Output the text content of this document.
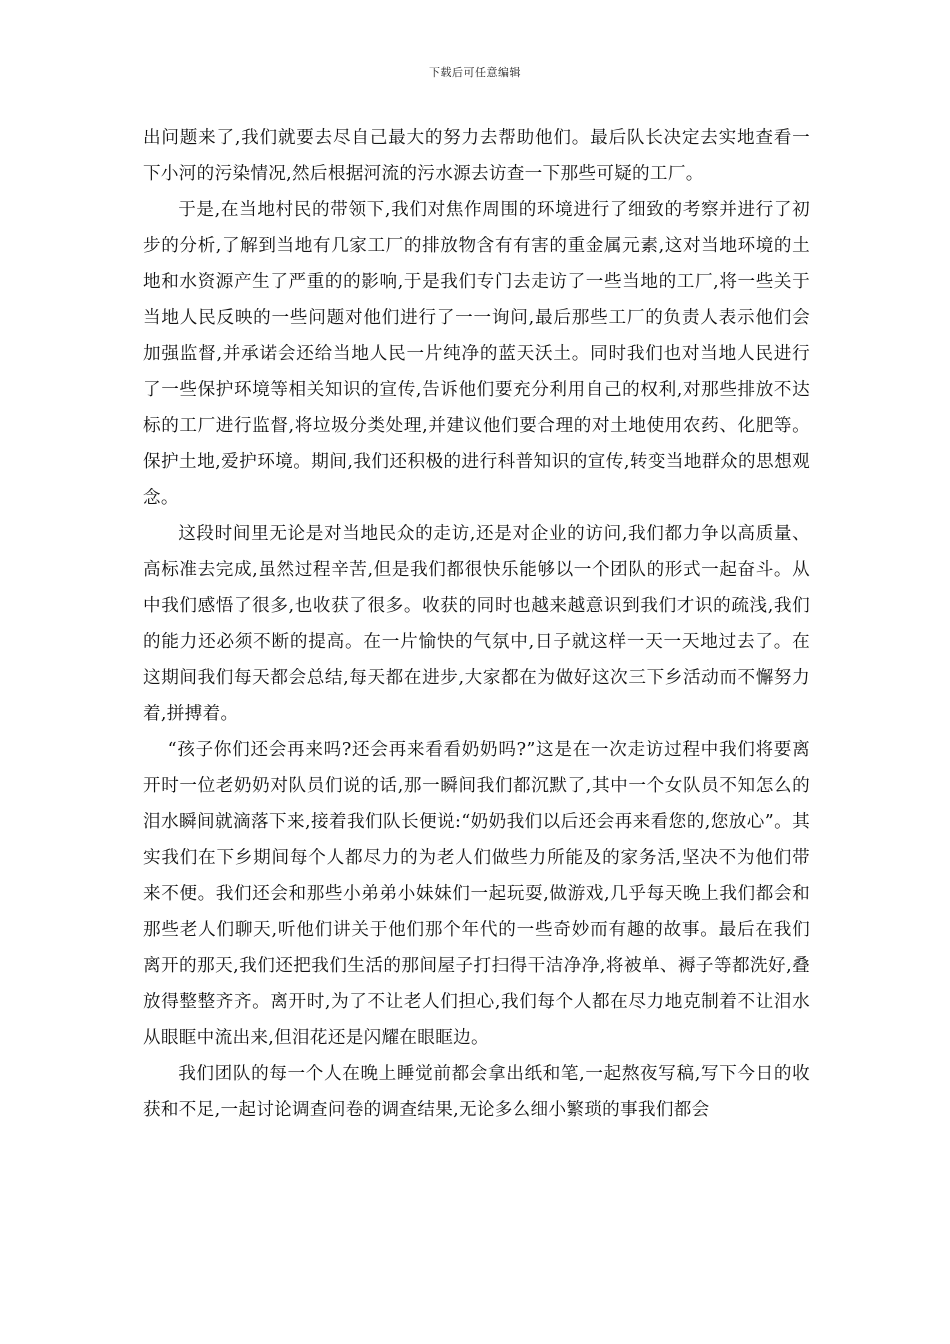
下载后可任意编辑

出问题来了,我们就要去尽自己最大的努力去帮助他们。最后队长决定去实地查看一下小河的污染情况,然后根据河流的污水源去访查一下那些可疑的工厂。

于是,在当地村民的带领下,我们对焦作周围的环境进行了细致的考察并进行了初步的分析,了解到当地有几家工厂的排放物含有有害的重金属元素,这对当地环境的土地和水资源产生了严重的的影响,于是我们专门去走访了一些当地的工厂,将一些关于当地人民反映的一些问题对他们进行了一一询问,最后那些工厂的负责人表示他们会加强监督,并承诺会还给当地人民一片纯净的蓝天沃土。同时我们也对当地人民进行了一些保护环境等相关知识的宣传,告诉他们要充分利用自己的权利,对那些排放不达标的工厂进行监督,将垃圾分类处理,并建议他们要合理的对土地使用农药、化肥等。保护土地,爱护环境。期间,我们还积极的进行科普知识的宣传,转变当地群众的思想观念。

这段时间里无论是对当地民众的走访,还是对企业的访问,我们都力争以高质量、高标准去完成,虽然过程辛苦,但是我们都很快乐能够以一个团队的形式一起奋斗。从中我们感悟了很多,也收获了很多。收获的同时也越来越意识到我们才识的疏浅,我们的能力还必须不断的提高。在一片愉快的气氛中,日子就这样一天一天地过去了。在这期间我们每天都会总结,每天都在进步,大家都在为做好这次三下乡活动而不懈努力着,拼搏着。

“孩子你们还会再来吗?还会再来看看奶奶吗?”这是在一次走访过程中我们将要离开时一位老奶奶对队员们说的话,那一瞬间我们都沉默了,其中一个女队员不知怎么的泪水瞬间就滴落下来,接着我们队长便说:“奶奶我们以后还会再来看您的,您放心”。其实我们在下乡期间每个人都尽力的为老人们做些力所能及的家务活,坚决不为他们带来不便。我们还会和那些小弟弟小妹妹们一起玩耍,做游戏,几乎每天晚上我们都会和那些老人们聊天,听他们讲关于他们那个年代的一些奇妙而有趣的故事。最后在我们离开的那天,我们还把我们生活的那间屋子打扫得干洁净净,将被单、褥子等都洗好,叠放得整整齐齐。离开时,为了不让老人们担心,我们每个人都在尽力地克制着不让泪水从眼眶中流出来,但泪花还是闪耀在眼眶边。

我们团队的每一个人在晚上睡觉前都会拿出纸和笔,一起熬夜写稿,写下今日的收获和不足,一起讨论调查问卷的调查结果,无论多么细小繁琐的事我们都会
